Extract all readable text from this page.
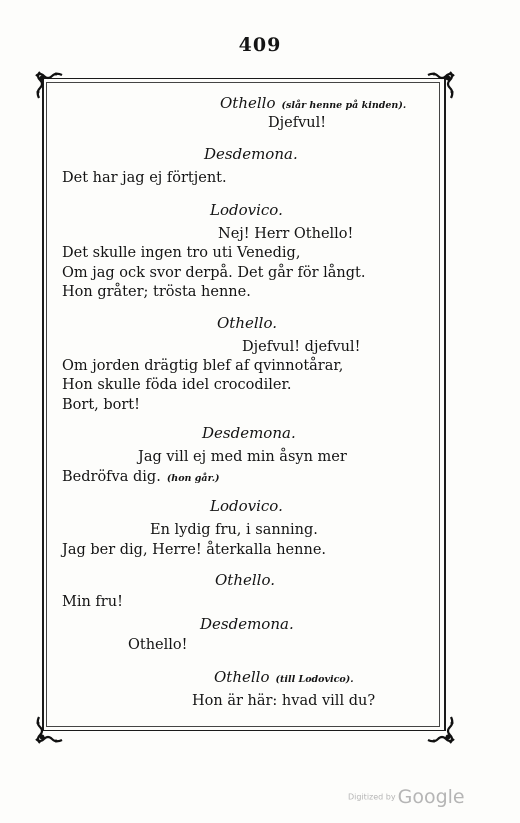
409
Othello (slår henne på kinden).
Djefvul!
Desdemona.
Det har jag ej förtjent.
Lodovico.
Nej! Herr Othello!
Det skulle ingen tro uti Venedig,
Om jag ock svor derpå. Det går för långt.
Hon gråter; trösta henne.
Othello.
Djefvul! djefvul!
Om jorden drägtig blef af qvinnotårar,
Hon skulle föda idel crocodiler.
Bort, bort!
Desdemona.
Jag vill ej med min åsyn mer
Bedröfva dig. (hon går.)
Lodovico.
En lydig fru, i sanning.
Jag ber dig, Herre! återkalla henne.
Othello.
Min fru!
Desdemona.
Othello!
Othello (till Lodovico).
Hon är här: hvad vill du?
Digitized by Google
